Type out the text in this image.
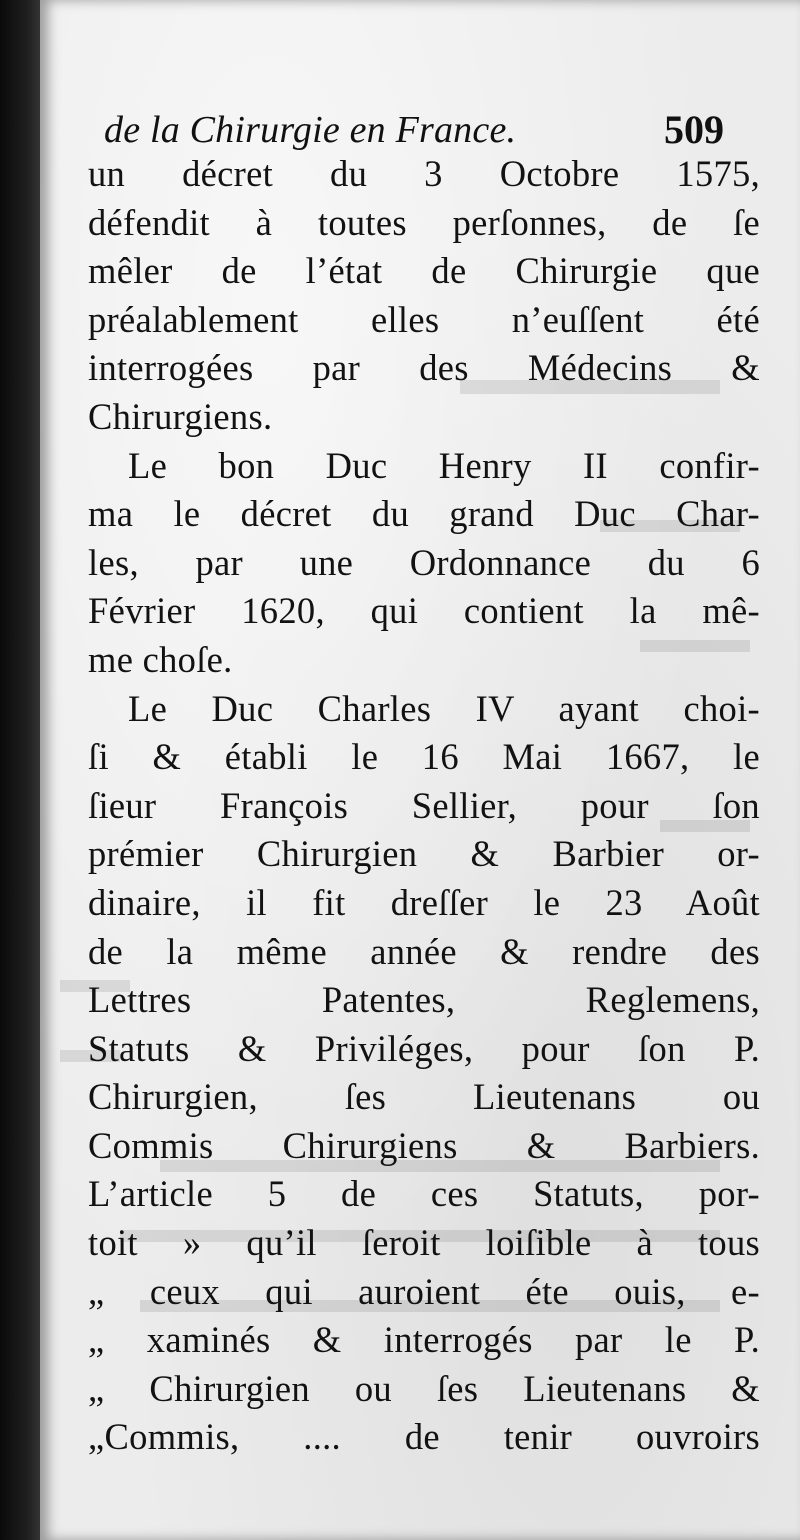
de la Chirurgie en France.	509
un décret du 3 Octobre 1575,
défendit à toutes perſonnes, de ſe
mêler de l’état de Chirurgie que
préalablement elles n’euſſent été
interrogées par des Médecins &
Chirurgiens.
Le bon Duc Henry II confir-
ma le décret du grand Duc Char-
les, par une Ordonnance du 6
Février 1620, qui contient la mê-
me choſe.
Le Duc Charles IV ayant choi-
ſi & établi le 16 Mai 1667, le
ſieur François Sellier, pour ſon
prémier Chirurgien & Barbier or-
dinaire, il fit dreſſer le 23 Août
de la même année & rendre des
Lettres Patentes, Reglemens,
Statuts & Priviléges, pour ſon P.
Chirurgien, ſes Lieutenans ou
Commis Chirurgiens & Barbiers.
L’article 5 de ces Statuts, por-
toit » qu’il ſeroit loiſible à tous
„ ceux qui auroient éte ouis, e-
„ xaminés & interrogés par le P.
„ Chirurgien ou ſes Lieutenans &
„Commis, .... de tenir ouvroirs
